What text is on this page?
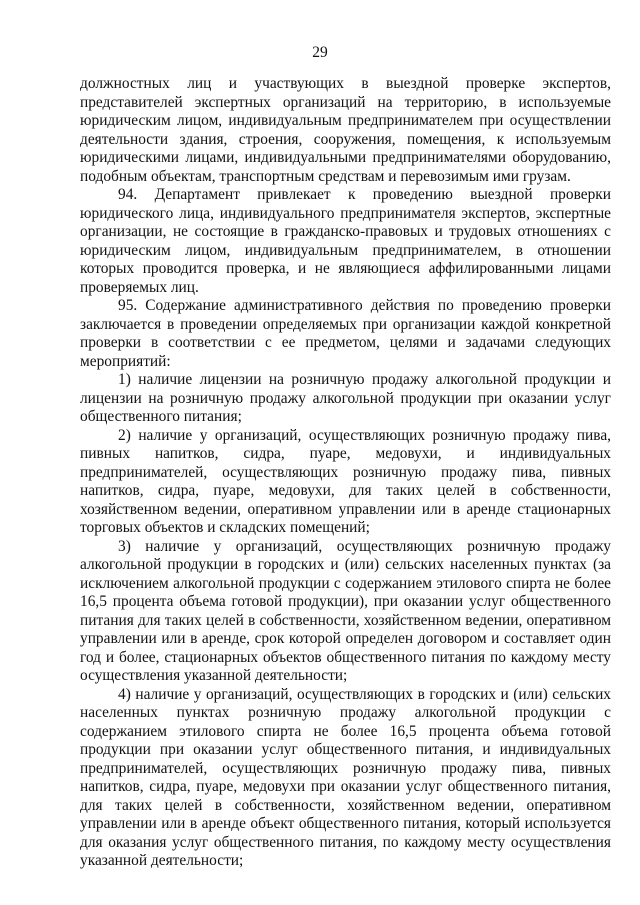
29

должностных лиц и участвующих в выездной проверке экспертов, представителей экспертных организаций на территорию, в используемые юридическим лицом, индивидуальным предпринимателем при осуществлении деятельности здания, строения, сооружения, помещения, к используемым юридическими лицами, индивидуальными предпринимателями оборудованию, подобным объектам, транспортным средствам и перевозимым ими грузам.

94. Департамент привлекает к проведению выездной проверки юридического лица, индивидуального предпринимателя экспертов, экспертные организации, не состоящие в гражданско-правовых и трудовых отношениях с юридическим лицом, индивидуальным предпринимателем, в отношении которых проводится проверка, и не являющиеся аффилированными лицами проверяемых лиц.

95. Содержание административного действия по проведению проверки заключается в проведении определяемых при организации каждой конкретной проверки в соответствии с ее предметом, целями и задачами следующих мероприятий:

1) наличие лицензии на розничную продажу алкогольной продукции и лицензии на розничную продажу алкогольной продукции при оказании услуг общественного питания;

2) наличие у организаций, осуществляющих розничную продажу пива, пивных напитков, сидра, пуаре, медовухи, и индивидуальных предпринимателей, осуществляющих розничную продажу пива, пивных напитков, сидра, пуаре, медовухи, для таких целей в собственности, хозяйственном ведении, оперативном управлении или в аренде стационарных торговых объектов и складских помещений;

3) наличие у организаций, осуществляющих розничную продажу алкогольной продукции в городских и (или) сельских населенных пунктах (за исключением алкогольной продукции с содержанием этилового спирта не более 16,5 процента объема готовой продукции), при оказании услуг общественного питания для таких целей в собственности, хозяйственном ведении, оперативном управлении или в аренде, срок которой определен договором и составляет один год и более, стационарных объектов общественного питания по каждому месту осуществления указанной деятельности;

4) наличие у организаций, осуществляющих в городских и (или) сельских населенных пунктах розничную продажу алкогольной продукции с содержанием этилового спирта не более 16,5 процента объема готовой продукции при оказании услуг общественного питания, и индивидуальных предпринимателей, осуществляющих розничную продажу пива, пивных напитков, сидра, пуаре, медовухи при оказании услуг общественного питания, для таких целей в собственности, хозяйственном ведении, оперативном управлении или в аренде объект общественного питания, который используется для оказания услуг общественного питания, по каждому месту осуществления указанной деятельности;
